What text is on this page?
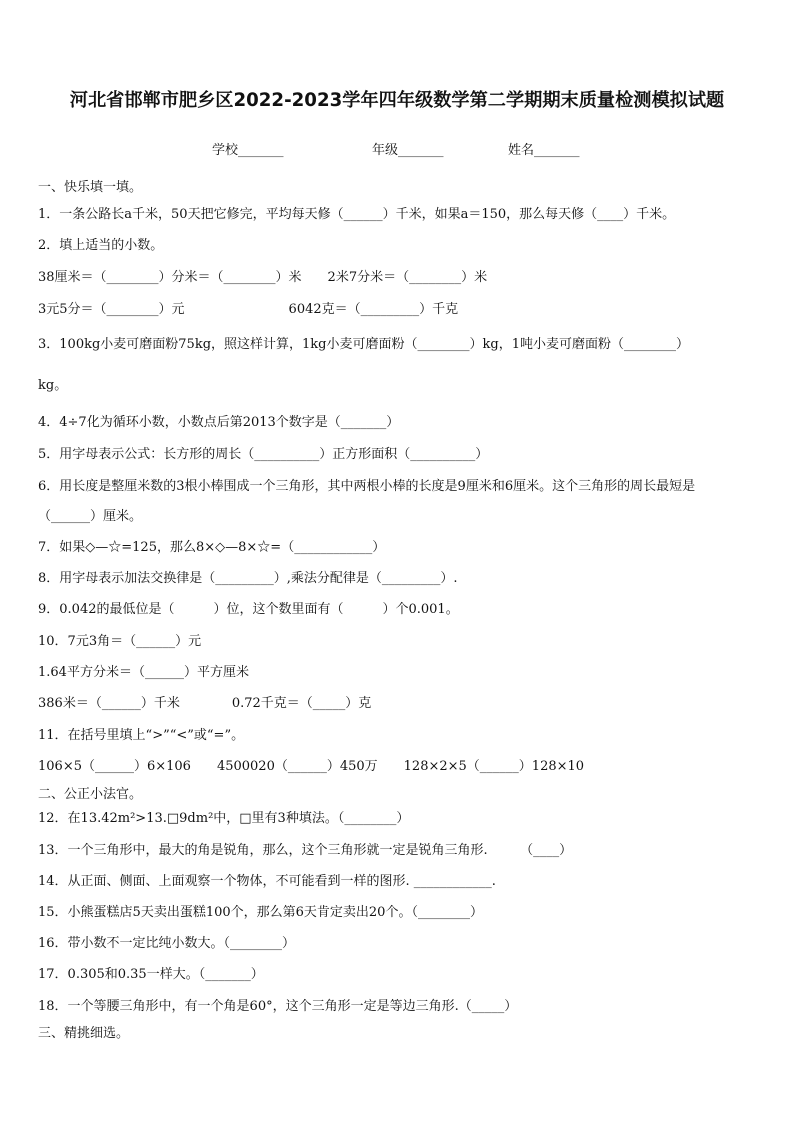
河北省邯郸市肥乡区2022-2023学年四年级数学第二学期期末质量检测模拟试题
学校_______	年级_______	姓名_______
一、快乐填一填。
1．一条公路长a千米，50天把它修完，平均每天修（______）千米，如果a＝150，那么每天修（____）千米。
2．填上适当的小数。
38厘米＝（________）分米＝（________）米　　2米7分米＝（________）米
3元5分＝（________）元　　　　　　　　6042克＝（_________）千克
3．100kg小麦可磨面粉75kg，照这样计算，1kg小麦可磨面粉（________）kg，1吨小麦可磨面粉（________）
kg。
4．4÷7化为循环小数，小数点后第2013个数字是（_______）
5．用字母表示公式：长方形的周长（__________）正方形面积（__________）
6．用长度是整厘米数的3根小棒围成一个三角形，其中两根小棒的长度是9厘米和6厘米。这个三角形的周长最短是
（______）厘米。
7．如果◇—☆=125，那么8×◇—8×☆=（____________）
8．用字母表示加法交换律是（_________）,乘法分配律是（_________）.
9．0.042的最低位是（　　　）位，这个数里面有（　　　）个0.001。
10．7元3角＝（______）元
1.64平方分米＝（______）平方厘米
386米＝（______）千米　　　　0.72千克＝（_____）克
11．在括号里填上“>”“<”或“=”。
106×5（______）6×106　　4500020（______）450万　　128×2×5（______）128×10
二、公正小法官。
12．在13.42m²>13.□9dm²中，□里有3种填法。（________）
13．一个三角形中，最大的角是锐角，那么，这个三角形就一定是锐角三角形.　　　（____）
14．从正面、侧面、上面观察一个物体，不可能看到一样的图形. ____________.
15．小熊蛋糕店5天卖出蛋糕100个，那么第6天肯定卖出20个。（________）
16．带小数不一定比纯小数大。（________）
17．0.305和0.35一样大。（_______）
18．一个等腰三角形中，有一个角是60°，这个三角形一定是等边三角形.（_____）
三、精挑细选。
